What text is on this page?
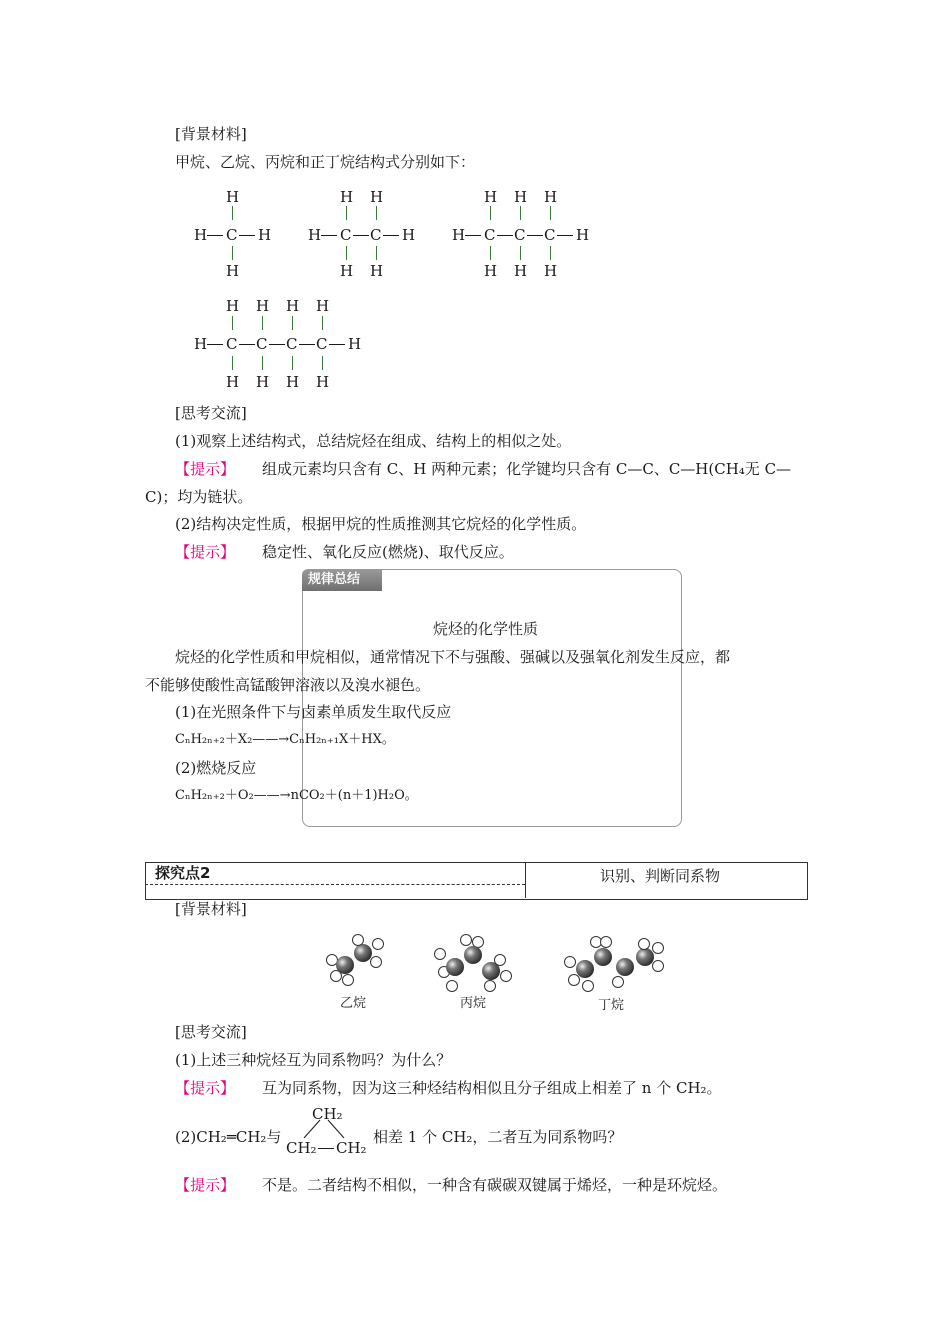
[背景材料]
甲烷、乙烷、丙烷和正丁烷结构式分别如下：
H
H C H
H
H H
H C C H
H H
H H H
H C C C H
H H H
H H H H
H C C C C H
H H H H
[思考交流]
(1)观察上述结构式，总结烷烃在组成、结构上的相似之处。
【提示】 组成元素均只含有 C、H 两种元素；化学键均只含有 C—C、C—H(CH₄无 C—
C)；均为链状。
(2)结构决定性质，根据甲烷的性质推测其它烷烃的化学性质。
【提示】 稳定性、氧化反应(燃烧)、取代反应。
规律总结
烷烃的化学性质
烷烃的化学性质和甲烷相似，通常情况下不与强酸、强碱以及强氧化剂发生反应，都
不能够使酸性高锰酸钾溶液以及溴水褪色。
(1)在光照条件下与卤素单质发生取代反应
CₙH₂ₙ₊₂＋X₂——→CₙH₂ₙ₊₁X＋HX。
(2)燃烧反应
CₙH₂ₙ₊₂＋O₂——→nCO₂＋(n＋1)H₂O。
探究点2	识别、判断同系物
[背景材料]
乙烷	丙烷	丁烷
[思考交流]
(1)上述三种烷烃互为同系物吗？为什么？
【提示】 互为同系物，因为这三种烃结构相似且分子组成上相差了 n 个 CH₂。
(2)CH₂═CH₂与
CH₂
CH₂ CH₂
相差 1 个 CH₂，二者互为同系物吗？
【提示】 不是。二者结构不相似，一种含有碳碳双键属于烯烃，一种是环烷烃。
